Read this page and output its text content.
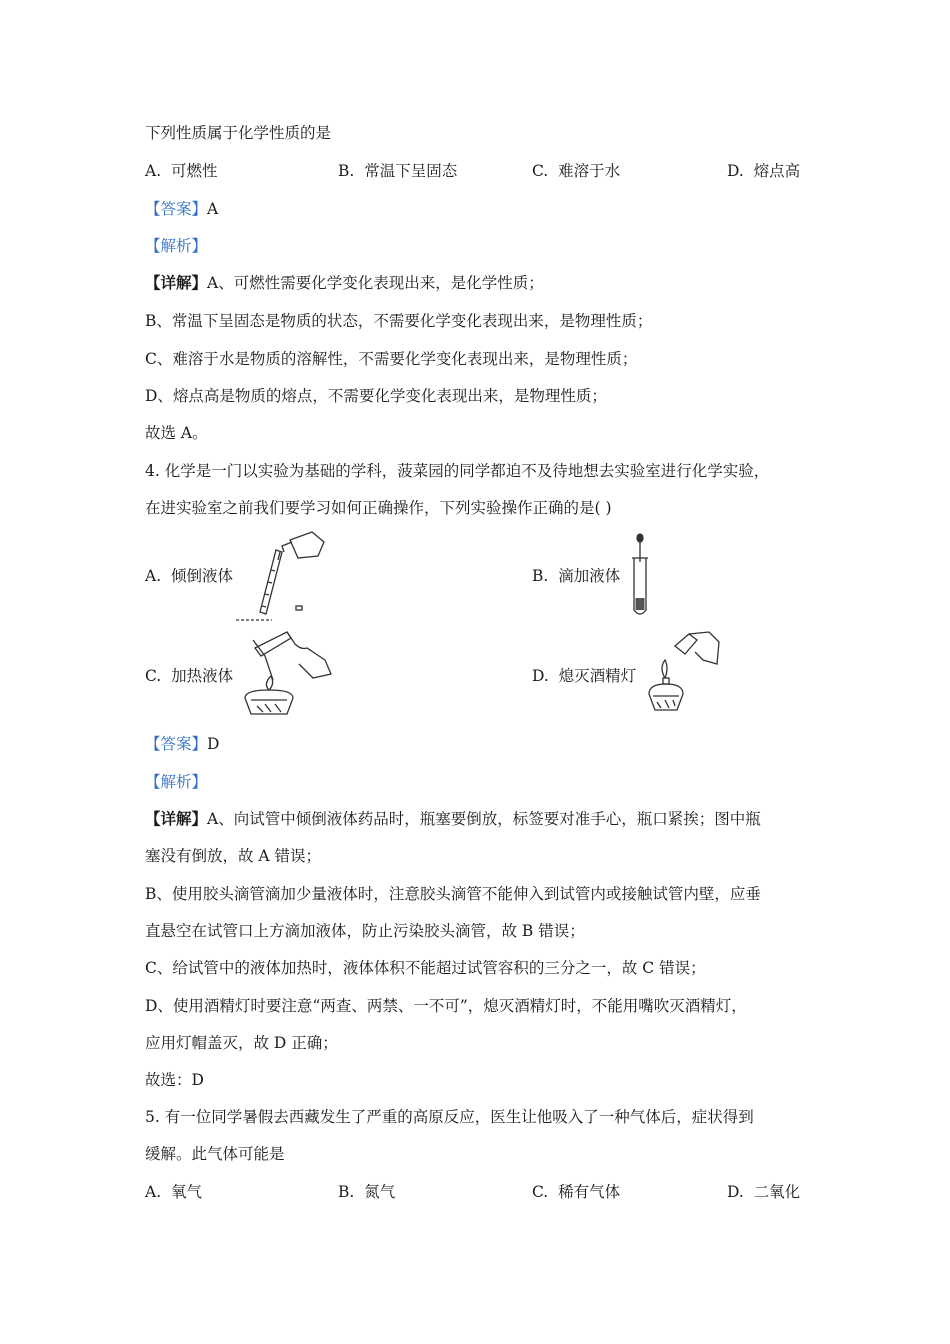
下列性质属于化学性质的是
A. 可燃性	B. 常温下呈固态	C. 难溶于水	D. 熔点高
【答案】A
【解析】
【详解】A、可燃性需要化学变化表现出来，是化学性质；
B、常温下呈固态是物质的状态，不需要化学变化表现出来，是物理性质；
C、难溶于水是物质的溶解性，不需要化学变化表现出来，是物理性质；
D、熔点高是物质的熔点，不需要化学变化表现出来，是物理性质；
故选 A。
4. 化学是一门以实验为基础的学科，菠菜园的同学都迫不及待地想去实验室进行化学实验，
在进实验室之前我们要学习如何正确操作，下列实验操作正确的是( )
A. 倾倒液体	B. 滴加液体
C. 加热液体	D. 熄灭酒精灯
【答案】D
【解析】
【详解】A、向试管中倾倒液体药品时，瓶塞要倒放，标签要对准手心，瓶口紧挨；图中瓶
塞没有倒放，故 A 错误；
B、使用胶头滴管滴加少量液体时，注意胶头滴管不能伸入到试管内或接触试管内壁，应垂
直悬空在试管口上方滴加液体，防止污染胶头滴管，故 B 错误；
C、给试管中的液体加热时，液体体积不能超过试管容积的三分之一，故 C 错误；
D、使用酒精灯时要注意“两查、两禁、一不可”，熄灭酒精灯时，不能用嘴吹灭酒精灯，
应用灯帽盖灭，故 D 正确；
故选：D
5. 有一位同学暑假去西藏发生了严重的高原反应，医生让他吸入了一种气体后，症状得到
缓解。此气体可能是
A. 氧气	B. 氮气	C. 稀有气体	D. 二氧化
